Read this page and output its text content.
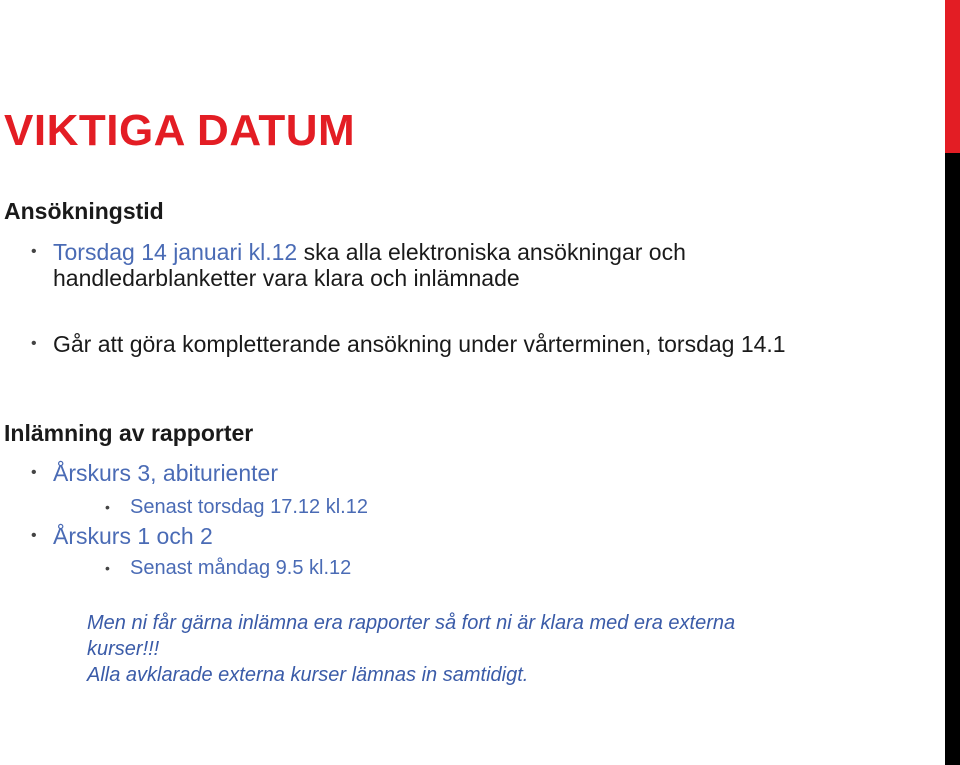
VIKTIGA DATUM
Ansökningstid

• Torsdag 14 januari kl.12 ska alla elektroniska ansökningar och handledarblanketter vara klara och inlämnade

• Går att göra kompletterande ansökning under vårterminen, torsdag 14.1

Inlämning av rapporter

• Årskurs 3, abiturienter

• Senast torsdag 17.12 kl.12

• Årskurs 1 och 2

• Senast måndag 9.5 kl.12

Men ni får gärna inlämna era rapporter så fort ni är klara med era externa kurser!!!
Alla avklarade externa kurser lämnas in samtidigt.
